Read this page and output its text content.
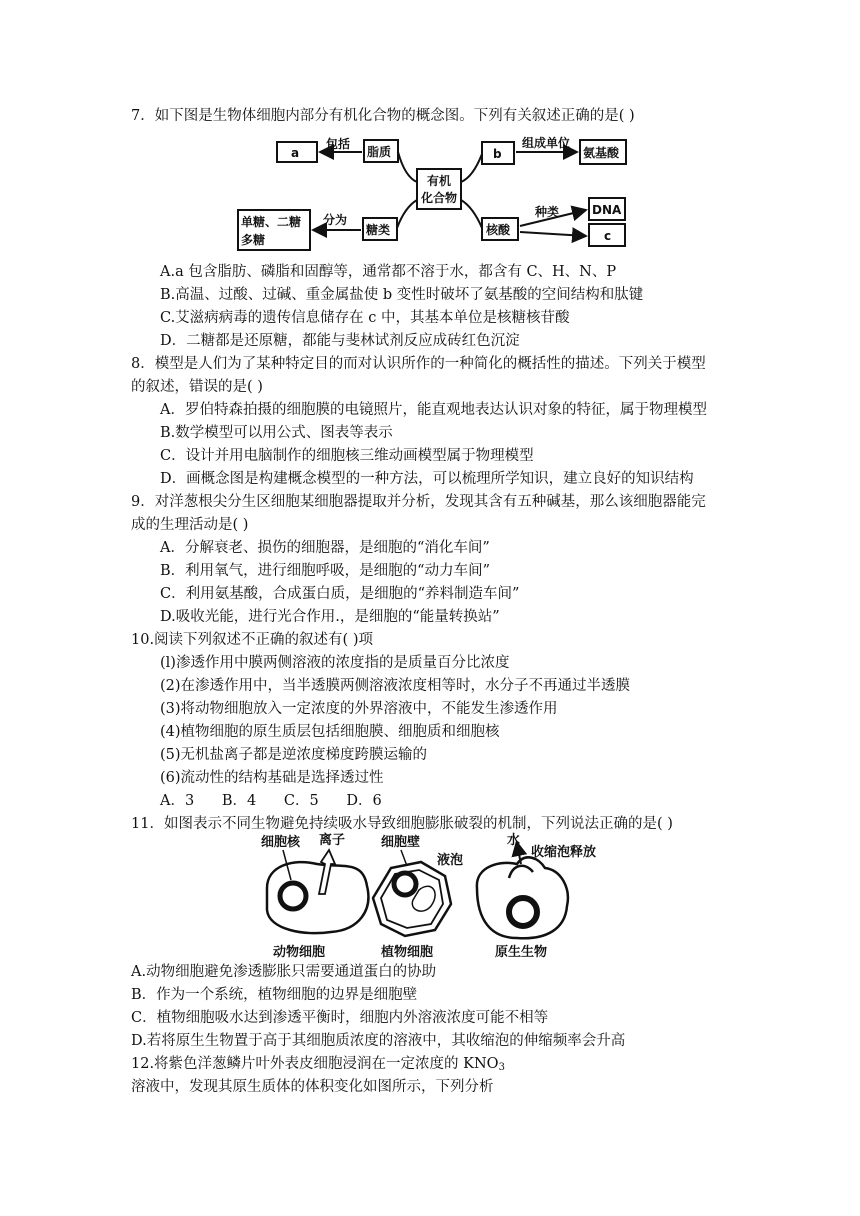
7．如下图是生物体细胞内部分有机化合物的概念图。下列有关叙述正确的是( )
a
包括
脂质
有机
化合物
b
组成单位
氨基酸
单糖、二糖
多糖
分为
糖类	核酸
种类	DNA
c
A.a 包含脂肪、磷脂和固醇等，通常都不溶于水，都含有 C、H、N、P
B.高温、过酸、过碱、重金属盐使 b 变性时破坏了氨基酸的空间结构和肽键
C.艾滋病病毒的遗传信息储存在 c 中，其基本单位是核糖核苷酸
D．二糖都是还原糖，都能与斐林试剂反应成砖红色沉淀
8．模型是人们为了某种特定目的而对认识所作的一种简化的概括性的描述。下列关于模型
的叙述，错误的是( )
A．罗伯特森拍摄的细胞膜的电镜照片，能直观地表达认识对象的特征，属于物理模型
B.数学模型可以用公式、图表等表示
C．设计并用电脑制作的细胞核三维动画模型属于物理模型
D．画概念图是构建概念模型的一种方法，可以梳理所学知识，建立良好的知识结构
9．对洋葱根尖分生区细胞某细胞器提取并分析，发现其含有五种碱基，那么该细胞器能完
成的生理活动是( )
A．分解衰老、损伤的细胞器，是细胞的“消化车间”
B．利用氧气，进行细胞呼吸，是细胞的“动力车间”
C．利用氨基酸，合成蛋白质，是细胞的“养料制造车间”
D.吸收光能，进行光合作用.，是细胞的“能量转换站”
10.阅读下列叙述不正确的叙述有( )项
(l)渗透作用中膜两侧溶液的浓度指的是质量百分比浓度
(2)在渗透作用中，当半透膜两侧溶液浓度相等时，水分子不再通过半透膜
(3)将动物细胞放入一定浓度的外界溶液中，不能发生渗透作用
(4)植物细胞的原生质层包括细胞膜、细胞质和细胞核
(5)无机盐离子都是逆浓度梯度跨膜运输的
(6)流动性的结构基础是选择透过性
A．3      B．4      C．5      D．6
11．如图表示不同生物避免持续吸水导致细胞膨胀破裂的机制，下列说法正确的是( )
细胞核 离子	细胞壁
液泡
水
收缩泡释放
动物细胞	植物细胞	原生生物
A.动物细胞避免渗透膨胀只需要通道蛋白的协助
B．作为一个系统，植物细胞的边界是细胞壁
C．植物细胞吸水达到渗透平衡时，细胞内外溶液浓度可能不相等
D.若将原生生物置于高于其细胞质浓度的溶液中，其收缩泡的伸缩频率会升高
12.将紫色洋葱鳞片叶外表皮细胞浸润在一定浓度的 $KNO_3$
溶液中，发现其原生质体的体积变化如图所示，下列分析
